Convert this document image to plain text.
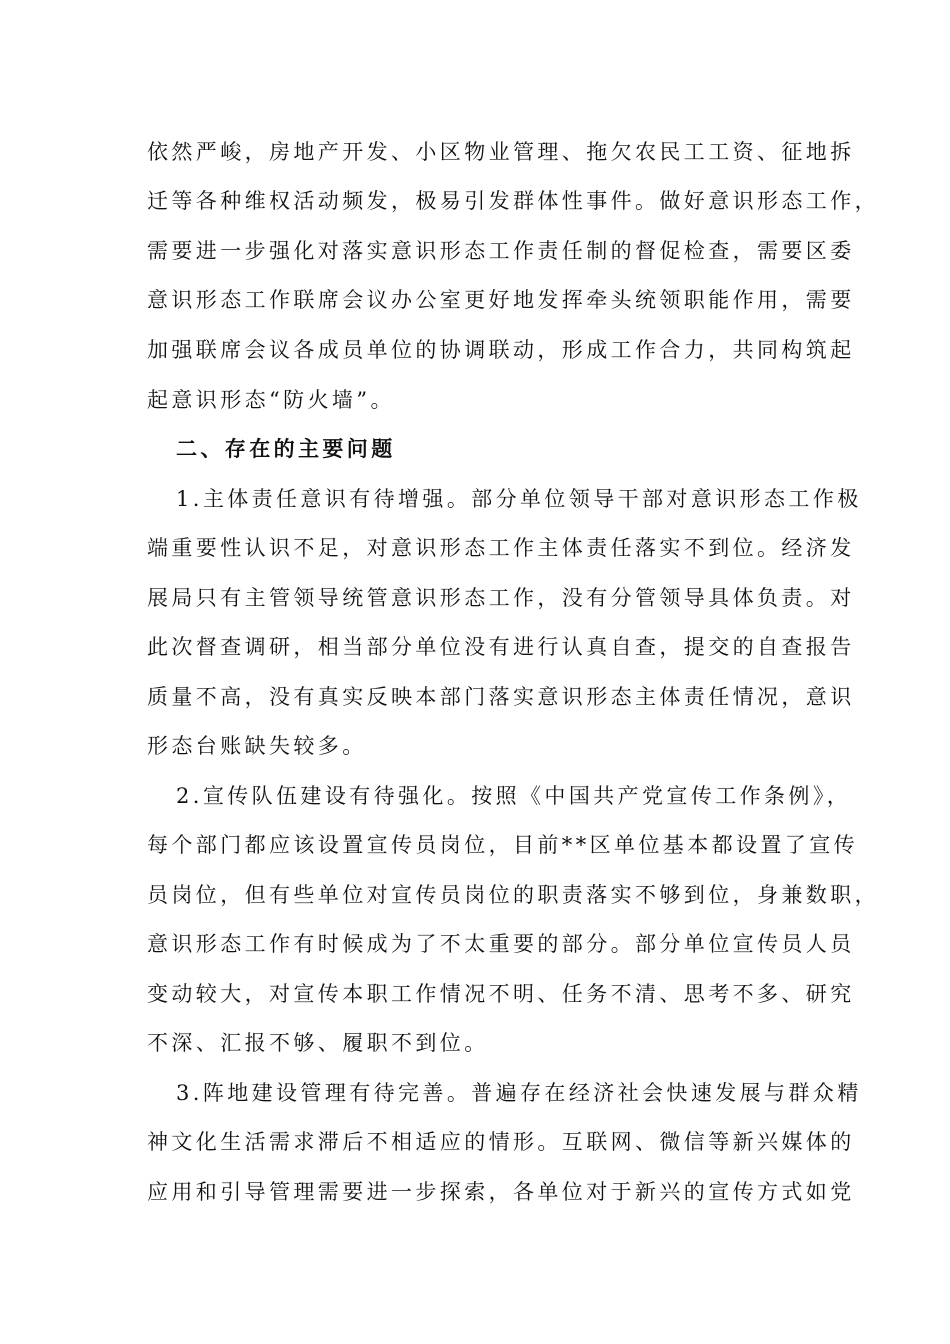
依然严峻，房地产开发、小区物业管理、拖欠农民工工资、征地拆
迁等各种维权活动频发，极易引发群体性事件。做好意识形态工作，
需要进一步强化对落实意识形态工作责任制的督促检查，需要区委
意识形态工作联席会议办公室更好地发挥牵头统领职能作用，需要
加强联席会议各成员单位的协调联动，形成工作合力，共同构筑起
起意识形态“防火墙”。
二、存在的主要问题
1.主体责任意识有待增强。部分单位领导干部对意识形态工作极
端重要性认识不足，对意识形态工作主体责任落实不到位。经济发
展局只有主管领导统管意识形态工作，没有分管领导具体负责。对
此次督查调研，相当部分单位没有进行认真自查，提交的自查报告
质量不高，没有真实反映本部门落实意识形态主体责任情况，意识
形态台账缺失较多。
2.宣传队伍建设有待强化。按照《中国共产党宣传工作条例》，
每个部门都应该设置宣传员岗位，目前**区单位基本都设置了宣传
员岗位，但有些单位对宣传员岗位的职责落实不够到位，身兼数职，
意识形态工作有时候成为了不太重要的部分。部分单位宣传员人员
变动较大，对宣传本职工作情况不明、任务不清、思考不多、研究
不深、汇报不够、履职不到位。
3.阵地建设管理有待完善。普遍存在经济社会快速发展与群众精
神文化生活需求滞后不相适应的情形。互联网、微信等新兴媒体的
应用和引导管理需要进一步探索，各单位对于新兴的宣传方式如党
